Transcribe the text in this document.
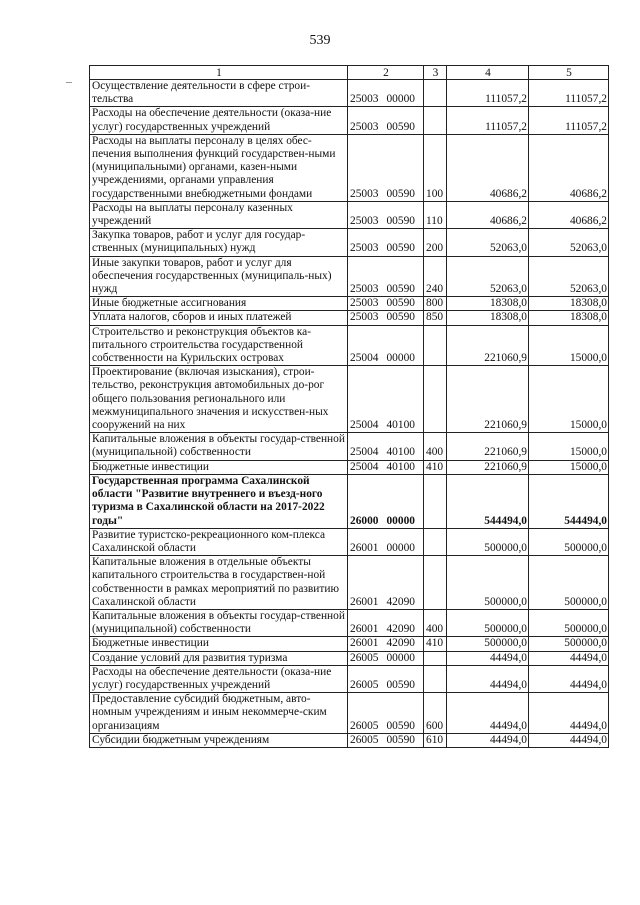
539
1	2	3	4	5
Осуществление деятельности в сфере строи-тельства	25003 00000		111057,2	111057,2
Расходы на обеспечение деятельности (оказа-ние услуг) государственных учреждений	25003 00590		111057,2	111057,2
Расходы на выплаты персоналу в целях обес-печения выполнения функций государствен-ными (муниципальными) органами, казен-ными учреждениями, органами управления государственными внебюджетными фондами	25003 00590	100	40686,2	40686,2
Расходы на выплаты персоналу казенных учреждений	25003 00590	110	40686,2	40686,2
Закупка товаров, работ и услуг для государ-ственных (муниципальных) нужд	25003 00590	200	52063,0	52063,0
Иные закупки товаров, работ и услуг для обеспечения государственных (муниципаль-ных) нужд	25003 00590	240	52063,0	52063,0
Иные бюджетные ассигнования	25003 00590	800	18308,0	18308,0
Уплата налогов, сборов и иных платежей	25003 00590	850	18308,0	18308,0
Строительство и реконструкция объектов ка-питального строительства государственной собственности на Курильских островах	25004 00000		221060,9	15000,0
Проектирование (включая изыскания), строи-тельство, реконструкция автомобильных до-рог общего пользования регионального или межмуниципального значения и искусствен-ных сооружений на них	25004 40100		221060,9	15000,0
Капитальные вложения в объекты государ-ственной (муниципальной) собственности	25004 40100	400	221060,9	15000,0
Бюджетные инвестиции	25004 40100	410	221060,9	15000,0
Государственная программа Сахалинской области "Развитие внутреннего и въезд-ного туризма в Сахалинской области на 2017-2022 годы"	26000 00000		544494,0	544494,0
Развитие туристско-рекреационного ком-плекса Сахалинской области	26001 00000		500000,0	500000,0
Капитальные вложения в отдельные объекты капитального строительства в государствен-ной собственности в рамках мероприятий по развитию Сахалинской области	26001 42090		500000,0	500000,0
Капитальные вложения в объекты государ-ственной (муниципальной) собственности	26001 42090	400	500000,0	500000,0
Бюджетные инвестиции	26001 42090	410	500000,0	500000,0
Создание условий для развития туризма	26005 00000		44494,0	44494,0
Расходы на обеспечение деятельности (оказа-ние услуг) государственных учреждений	26005 00590		44494,0	44494,0
Предоставление субсидий бюджетным, авто-номным учреждениям и иным некоммерче-ским организациям	26005 00590	600	44494,0	44494,0
Субсидии бюджетным учреждениям	26005 00590	610	44494,0	44494,0
